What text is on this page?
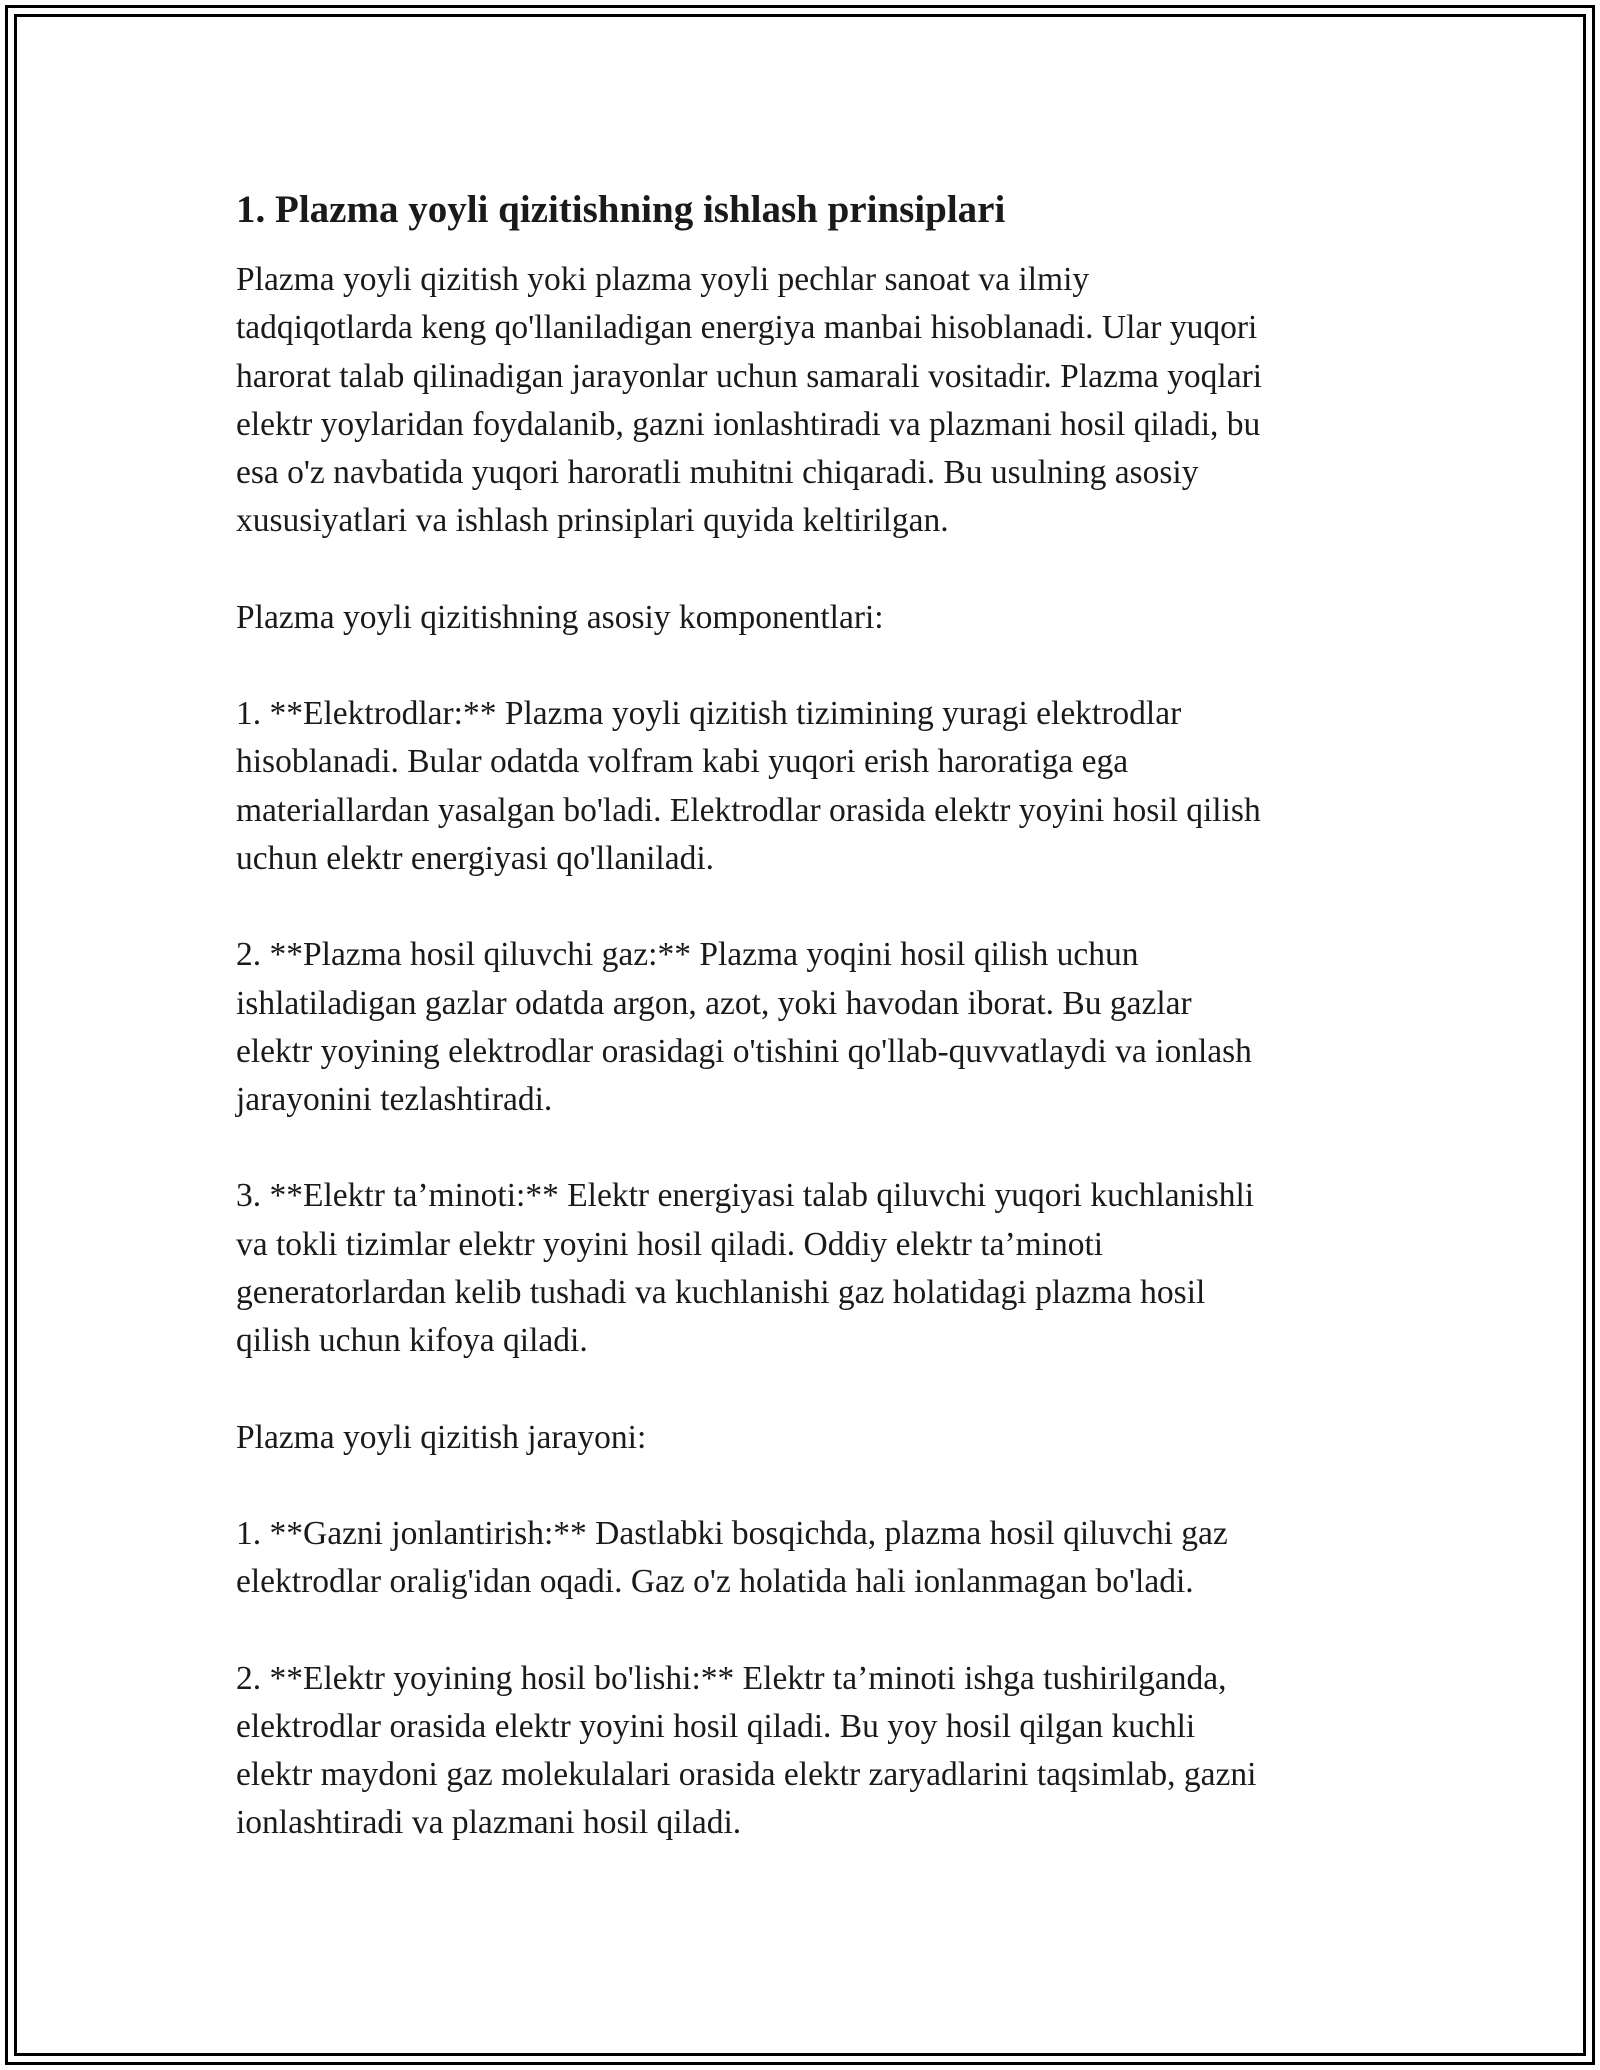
1. Plazma yoyli qizitishning ishlash prinsiplari

Plazma yoyli qizitish yoki plazma yoyli pechlar sanoat va ilmiy
tadqiqotlarda keng qo'llaniladigan energiya manbai hisoblanadi. Ular yuqori
harorat talab qilinadigan jarayonlar uchun samarali vositadir. Plazma yoqlari
elektr yoylaridan foydalanib, gazni ionlashtiradi va plazmani hosil qiladi, bu
esa o'z navbatida yuqori haroratli muhitni chiqaradi. Bu usulning asosiy
xususiyatlari va ishlash prinsiplari quyida keltirilgan.

Plazma yoyli qizitishning asosiy komponentlari:

1. **Elektrodlar:** Plazma yoyli qizitish tizimining yuragi elektrodlar
hisoblanadi. Bular odatda volfram kabi yuqori erish haroratiga ega
materiallardan yasalgan bo'ladi. Elektrodlar orasida elektr yoyini hosil qilish
uchun elektr energiyasi qo'llaniladi.

2. **Plazma hosil qiluvchi gaz:** Plazma yoqini hosil qilish uchun
ishlatiladigan gazlar odatda argon, azot, yoki havodan iborat. Bu gazlar
elektr yoyining elektrodlar orasidagi o'tishini qo'llab-quvvatlaydi va ionlash
jarayonini tezlashtiradi.

3. **Elektr ta’minoti:** Elektr energiyasi talab qiluvchi yuqori kuchlanishli
va tokli tizimlar elektr yoyini hosil qiladi. Oddiy elektr ta’minoti
generatorlardan kelib tushadi va kuchlanishi gaz holatidagi plazma hosil
qilish uchun kifoya qiladi.

Plazma yoyli qizitish jarayoni:

1. **Gazni jonlantirish:** Dastlabki bosqichda, plazma hosil qiluvchi gaz
elektrodlar oralig'idan oqadi. Gaz o'z holatida hali ionlanmagan bo'ladi.

2. **Elektr yoyining hosil bo'lishi:** Elektr ta’minoti ishga tushirilganda,
elektrodlar orasida elektr yoyini hosil qiladi. Bu yoy hosil qilgan kuchli
elektr maydoni gaz molekulalari orasida elektr zaryadlarini taqsimlab, gazni
ionlashtiradi va plazmani hosil qiladi.
